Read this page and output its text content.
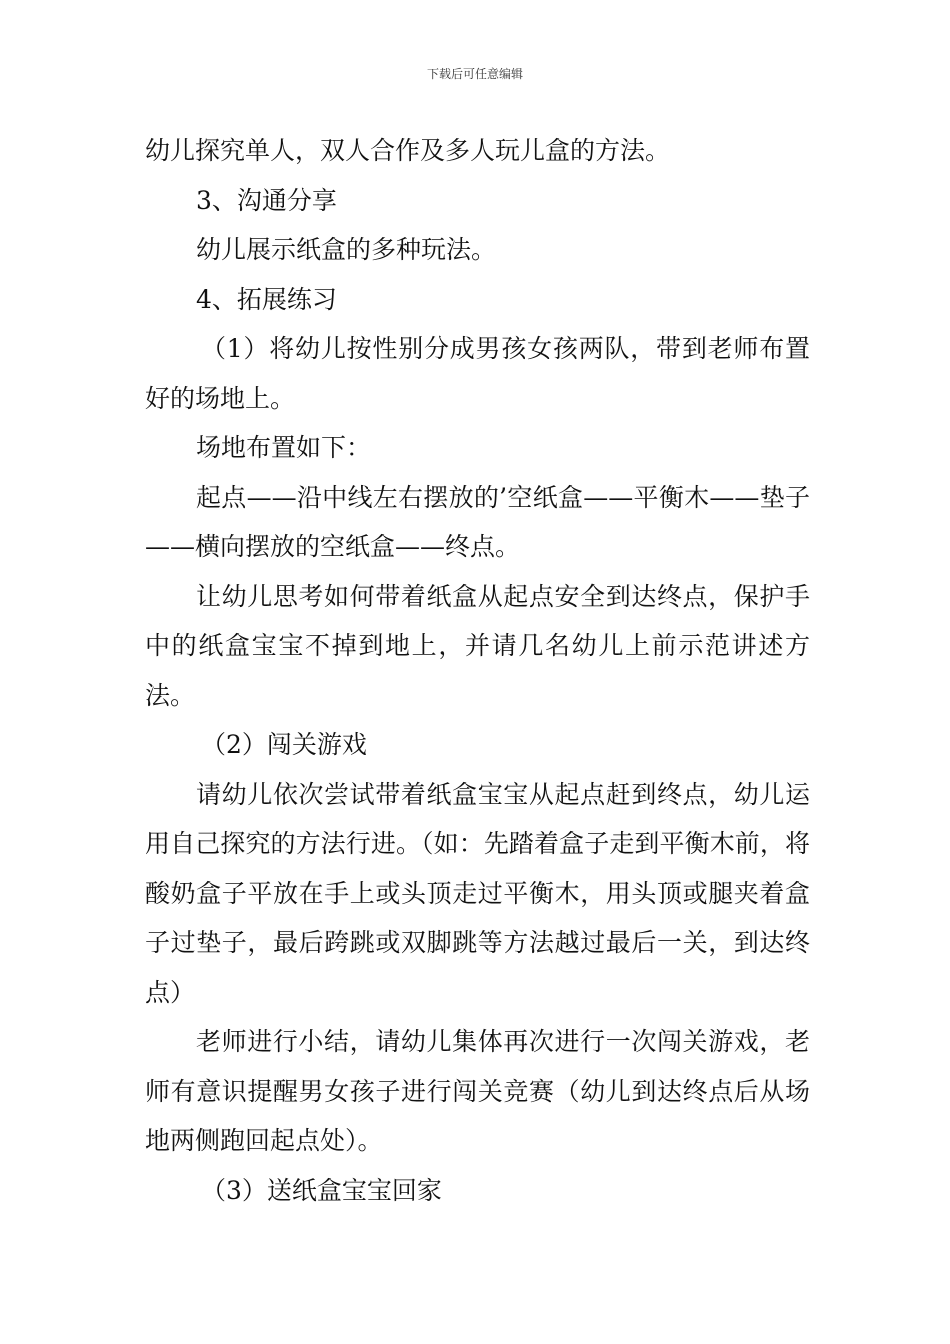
下载后可任意编辑

幼儿探究单人，双人合作及多人玩儿盒的方法。

3、沟通分享

幼儿展示纸盒的多种玩法。

4、拓展练习

（1）将幼儿按性别分成男孩女孩两队，带到老师布置好的场地上。

场地布置如下：

起点——沿中线左右摆放的’空纸盒——平衡木——垫子——横向摆放的空纸盒——终点。

让幼儿思考如何带着纸盒从起点安全到达终点，保护手中的纸盒宝宝不掉到地上，并请几名幼儿上前示范讲述方法。

（2）闯关游戏

请幼儿依次尝试带着纸盒宝宝从起点赶到终点，幼儿运用自己探究的方法行进。（如：先踏着盒子走到平衡木前，将酸奶盒子平放在手上或头顶走过平衡木，用头顶或腿夹着盒子过垫子，最后跨跳或双脚跳等方法越过最后一关，到达终点）

老师进行小结，请幼儿集体再次进行一次闯关游戏，老师有意识提醒男女孩子进行闯关竞赛（幼儿到达终点后从场地两侧跑回起点处）。

（3）送纸盒宝宝回家
